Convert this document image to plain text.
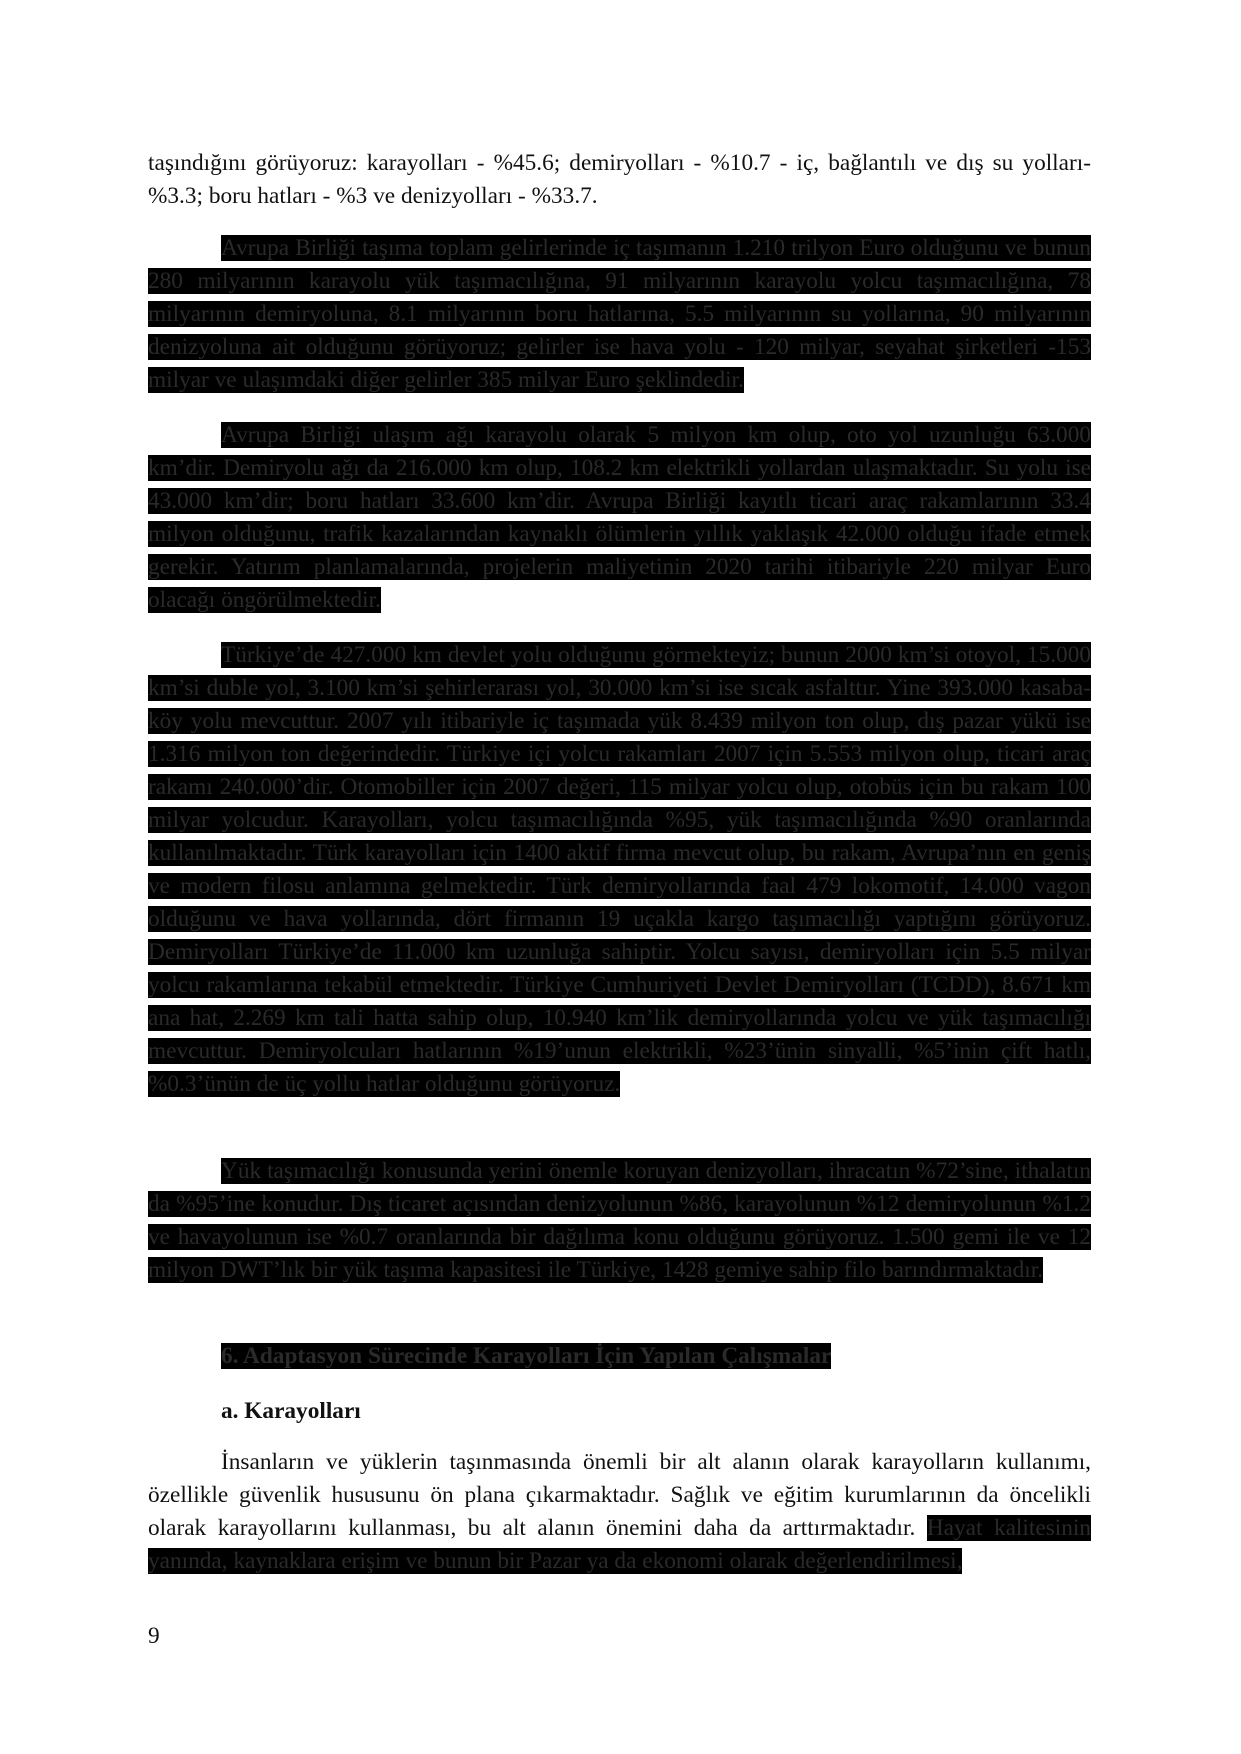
taşındığını görüyoruz: karayolları - %45.6; demiryolları - %10.7 - iç, bağlantılı ve dış su yolları- %3.3; boru hatları - %3 ve denizyolları - %33.7.

Avrupa Birliği taşıma toplam gelirlerinde iç taşımanın 1.210 trilyon Euro olduğunu ve bunun 280 milyarının karayolu yük taşımacılığına, 91 milyarının karayolu yolcu taşımacılığına, 78 milyarının demiryoluna, 8.1 milyarının boru hatlarına, 5.5 milyarının su yollarına, 90 milyarının denizyoluna ait olduğunu görüyoruz; gelirler ise hava yolu - 120 milyar, seyahat şirketleri -153 milyar ve ulaşımdaki diğer gelirler 385 milyar Euro şeklindedir.

Avrupa Birliği ulaşım ağı karayolu olarak 5 milyon km olup, oto yol uzunluğu 63.000 km’dir. Demiryolu ağı da 216.000 km olup, 108.2 km elektrikli yollardan ulaşmaktadır. Su yolu ise 43.000 km’dir; boru hatları 33.600 km’dir. Avrupa Birliği kayıtlı ticari araç rakamlarının 33.4 milyon olduğunu, trafik kazalarından kaynaklı ölümlerin yıllık yaklaşık 42.000 olduğu ifade etmek gerekir. Yatırım planlamalarında, projelerin maliyetinin 2020 tarihi itibariyle 220 milyar Euro olacağı öngörülmektedir.

Türkiye’de 427.000 km devlet yolu olduğunu görmekteyiz; bunun 2000 km’si otoyol, 15.000 km’si duble yol, 3.100 km’si şehirlerarası yol, 30.000 km’si ise sıcak asfalttır. Yine 393.000 kasaba-köy yolu mevcuttur. 2007 yılı itibariyle iç taşımada yük 8.439 milyon ton olup, dış pazar yükü ise 1.316 milyon ton değerindedir. Türkiye içi yolcu rakamları 2007 için 5.553 milyon olup, ticari araç rakamı 240.000’dir. Otomobiller için 2007 değeri, 115 milyar yolcu olup, otobüs için bu rakam 100 milyar yolcudur. Karayolları, yolcu taşımacılığında %95, yük taşımacılığında %90 oranlarında kullanılmaktadır. Türk karayolları için 1400 aktif firma mevcut olup, bu rakam, Avrupa’nın en geniş ve modern filosu anlamına gelmektedir. Türk demiryollarında faal 479 lokomotif, 14.000 vagon olduğunu ve hava yollarında, dört firmanın 19 uçakla kargo taşımacılığı yaptığını görüyoruz. Demiryolları Türkiye’de 11.000 km uzunluğa sahiptir. Yolcu sayısı, demiryolları için 5.5 milyar yolcu rakamlarına tekabül etmektedir. Türkiye Cumhuriyeti Devlet Demiryolları (TCDD), 8.671 km ana hat, 2.269 km tali hatta sahip olup, 10.940 km’lik demiryollarında yolcu ve yük taşımacılığı mevcuttur. Demiryolcuları hatlarının %19’unun elektrikli, %23’ünin sinyalli, %5’inin çift hatlı, %0.3’ünün de üç yollu hatlar olduğunu görüyoruz.

Yük taşımacılığı konusunda yerini önemle koruyan denizyolları, ihracatın %72’sine, ithalatın da %95’ine konudur. Dış ticaret açısından denizyolunun %86, karayolunun %12 demiryolunun %1.2 ve havayolunun ise %0.7 oranlarında bir dağılıma konu olduğunu görüyoruz. 1.500 gemi ile ve 12 milyon DWT’lık bir yük taşıma kapasitesi ile Türkiye, 1428 gemiye sahip filo barındırmaktadır.

6. Adaptasyon Sürecinde Karayolları İçin Yapılan Çalışmalar
a. Karayolları

İnsanların ve yüklerin taşınmasında önemli bir alt alanın olarak karayolların kullanımı, özellikle güvenlik hususunu ön plana çıkarmaktadır. Sağlık ve eğitim kurumlarının da öncelikli olarak karayollarını kullanması, bu alt alanın önemini daha da arttırmaktadır. Hayat kalitesinin yanında, kaynaklara erişim ve bunun bir Pazar ya da ekonomi olarak değerlendirilmesi,

9
